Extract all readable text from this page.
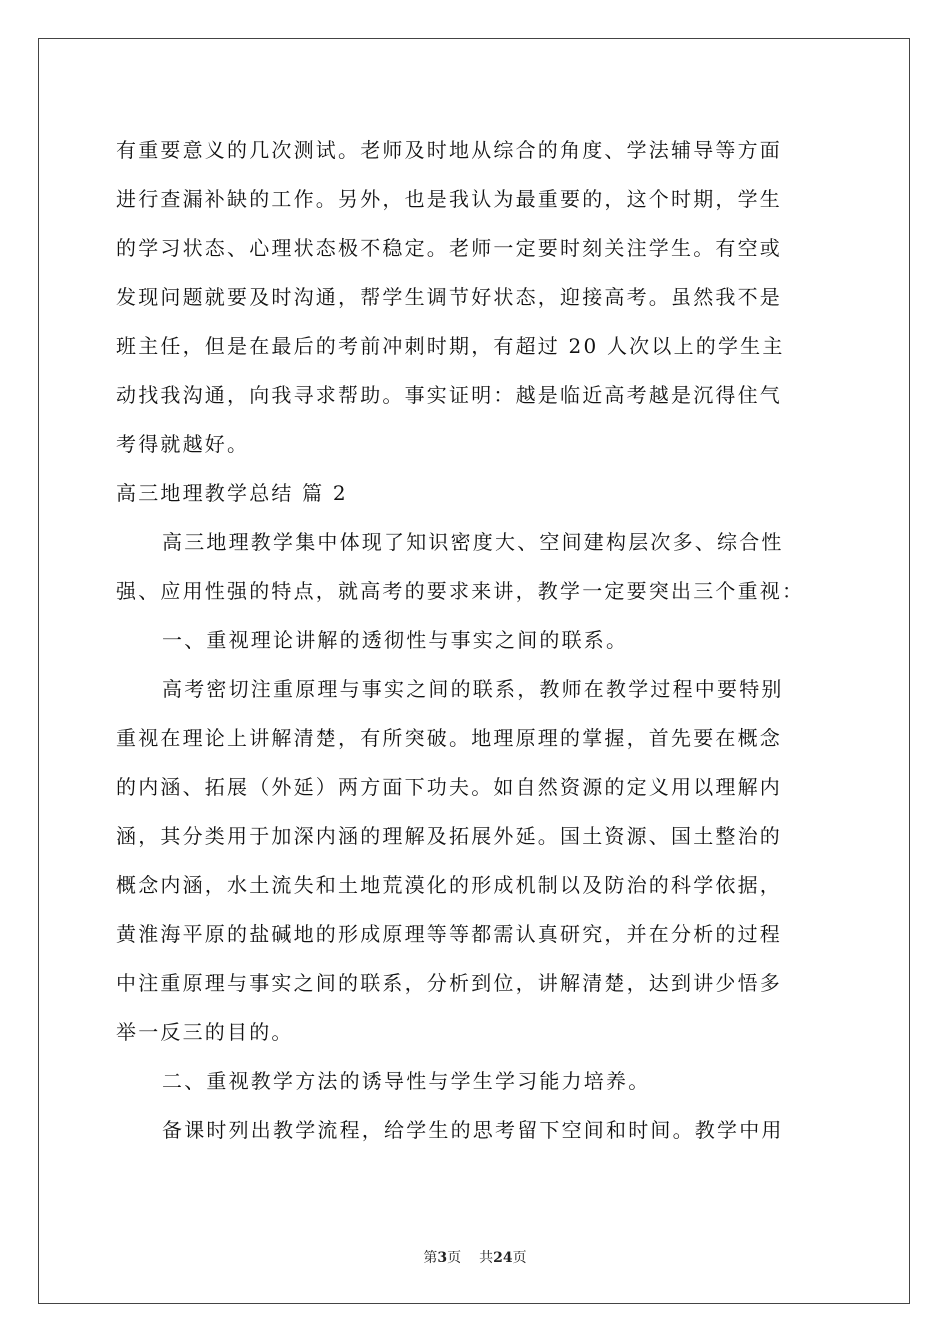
有重要意义的几次测试。老师及时地从综合的角度、学法辅导等方面
进行查漏补缺的工作。另外，也是我认为最重要的，这个时期，学生
的学习状态、心理状态极不稳定。老师一定要时刻关注学生。有空或
发现问题就要及时沟通，帮学生调节好状态，迎接高考。虽然我不是
班主任，但是在最后的考前冲刺时期，有超过 20 人次以上的学生主
动找我沟通，向我寻求帮助。事实证明：越是临近高考越是沉得住气
考得就越好。
高三地理教学总结 篇 2
高三地理教学集中体现了知识密度大、空间建构层次多、综合性
强、应用性强的特点，就高考的要求来讲，教学一定要突出三个重视：
一、重视理论讲解的透彻性与事实之间的联系。
高考密切注重原理与事实之间的联系，教师在教学过程中要特别
重视在理论上讲解清楚，有所突破。地理原理的掌握，首先要在概念
的内涵、拓展（外延）两方面下功夫。如自然资源的定义用以理解内
涵，其分类用于加深内涵的理解及拓展外延。国土资源、国土整治的
概念内涵，水土流失和土地荒漠化的形成机制以及防治的科学依据，
黄淮海平原的盐碱地的形成原理等等都需认真研究，并在分析的过程
中注重原理与事实之间的联系，分析到位，讲解清楚，达到讲少悟多
举一反三的目的。
二、重视教学方法的诱导性与学生学习能力培养。
备课时列出教学流程，给学生的思考留下空间和时间。教学中用
第3页 共24页
